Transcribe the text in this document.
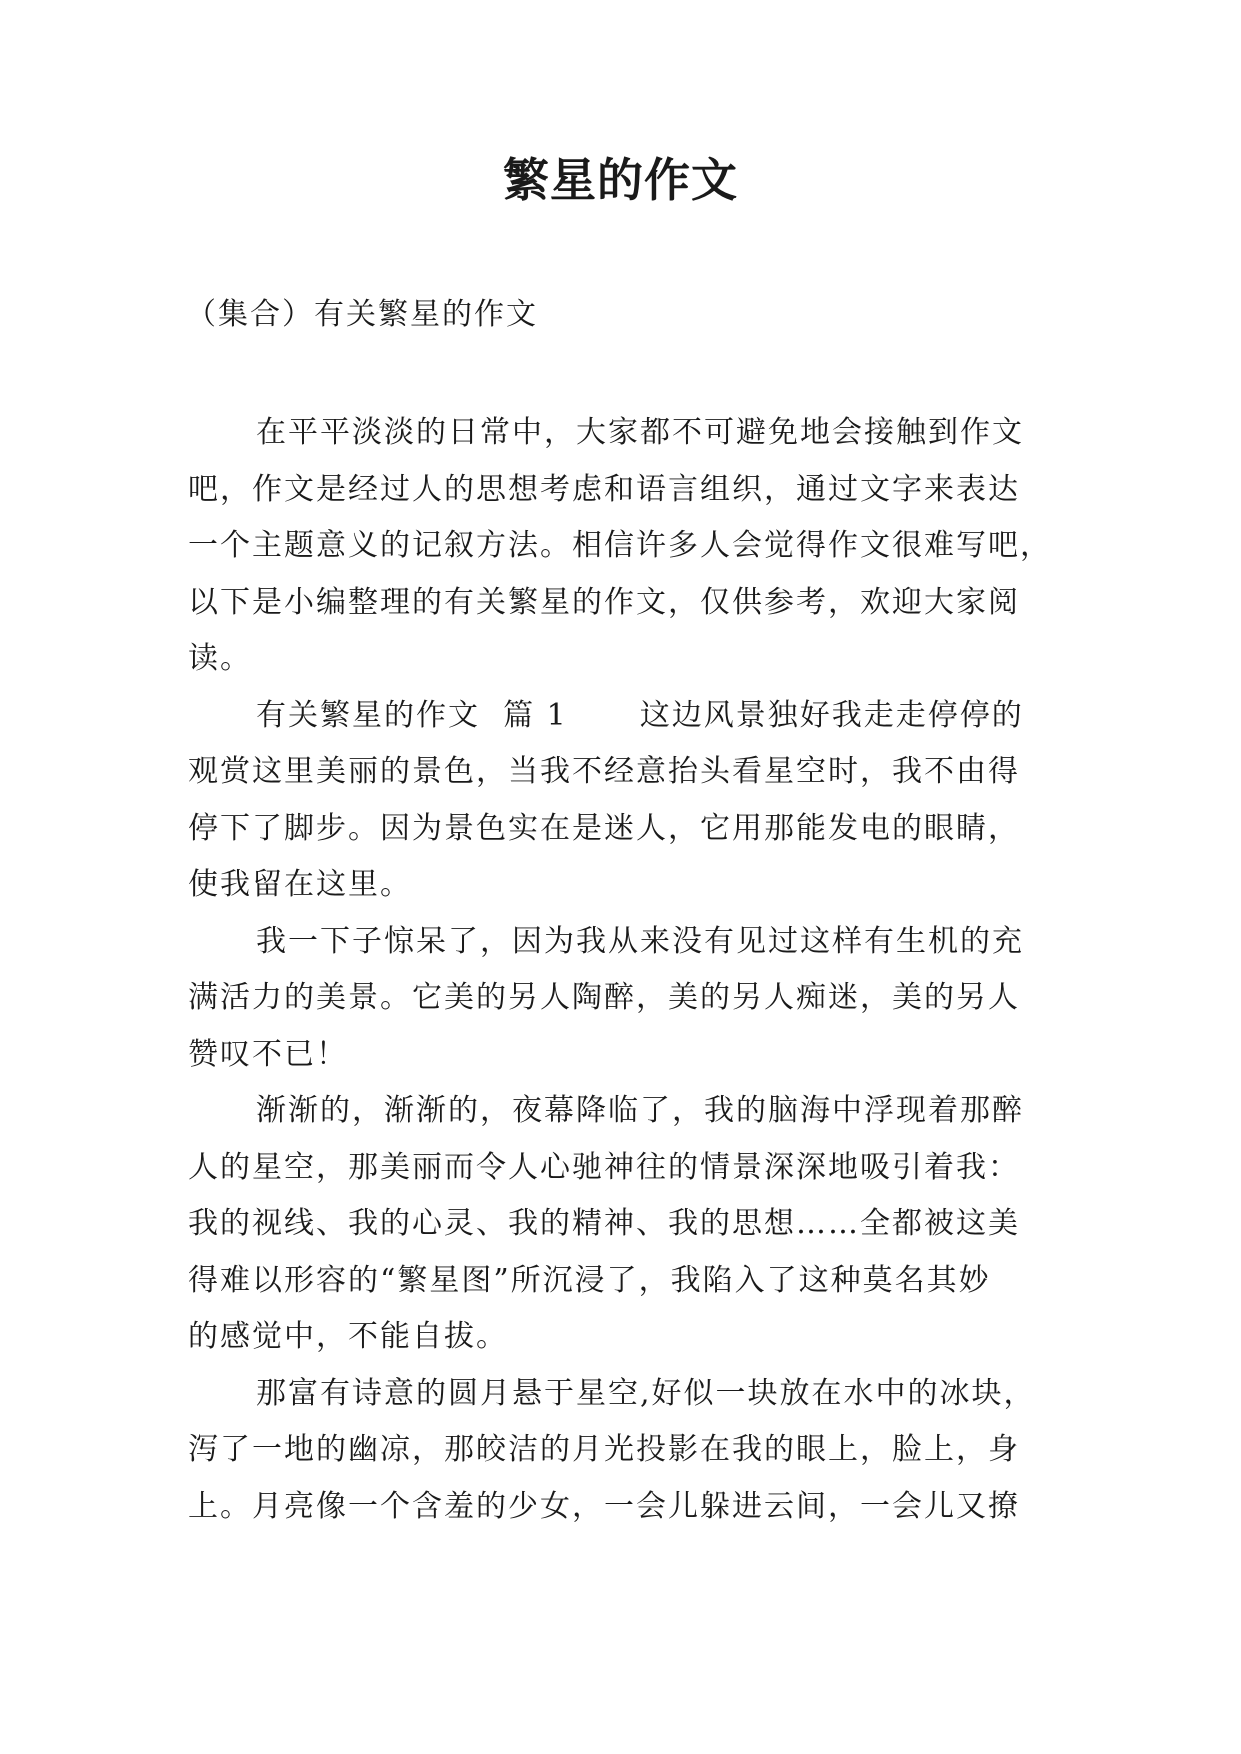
繁星的作文
（集合）有关繁星的作文
在平平淡淡的日常中，大家都不可避免地会接触到作文
吧，作文是经过人的思想考虑和语言组织，通过文字来表达
一个主题意义的记叙方法。相信许多人会觉得作文很难写吧，
以下是小编整理的有关繁星的作文，仅供参考，欢迎大家阅
读。
有关繁星的作文  篇 1 这边风景独好我走走停停的
观赏这里美丽的景色，当我不经意抬头看星空时，我不由得
停下了脚步。因为景色实在是迷人，它用那能发电的眼睛，
使我留在这里。
我一下子惊呆了，因为我从来没有见过这样有生机的充
满活力的美景。它美的另人陶醉，美的另人痴迷，美的另人
赞叹不已！
渐渐的，渐渐的，夜幕降临了，我的脑海中浮现着那醉
人的星空，那美丽而令人心驰神往的情景深深地吸引着我：
我的视线、我的心灵、我的精神、我的思想……全都被这美
得难以形容的“繁星图”所沉浸了，我陷入了这种莫名其妙
的感觉中，不能自拔。
那富有诗意的圆月悬于星空,好似一块放在水中的冰块，
泻了一地的幽凉，那皎洁的月光投影在我的眼上，脸上，身
上。月亮像一个含羞的少女，一会儿躲进云间，一会儿又撩
